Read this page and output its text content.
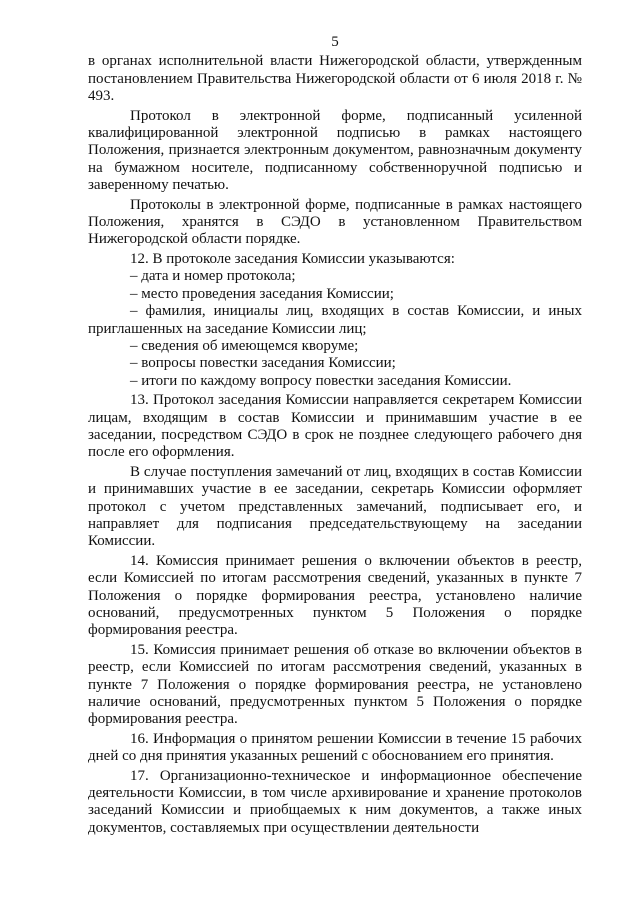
5

в органах исполнительной власти Нижегородской области, утвержденным постановлением Правительства Нижегородской области от 6 июля 2018 г. № 493.

Протокол в электронной форме, подписанный усиленной квалифицированной электронной подписью в рамках настоящего Положения, признается электронным документом, равнозначным документу на бумажном носителе, подписанному собственноручной подписью и заверенному печатью.

Протоколы в электронной форме, подписанные в рамках настоящего Положения, хранятся в СЭДО в установленном Правительством Нижегородской области порядке.

12. В протоколе заседания Комиссии указываются:

– дата и номер протокола;

– место проведения заседания Комиссии;

– фамилия, инициалы лиц, входящих в состав Комиссии, и иных приглашенных на заседание Комиссии лиц;

– сведения об имеющемся кворуме;

– вопросы повестки заседания Комиссии;

– итоги по каждому вопросу повестки заседания Комиссии.

13. Протокол заседания Комиссии направляется секретарем Комиссии лицам, входящим в состав Комиссии и принимавшим участие в ее заседании, посредством СЭДО в срок не позднее следующего рабочего дня после его оформления.

В случае поступления замечаний от лиц, входящих в состав Комиссии и принимавших участие в ее заседании, секретарь Комиссии оформляет протокол с учетом представленных замечаний, подписывает его, и направляет для подписания председательствующему на заседании Комиссии.

14. Комиссия принимает решения о включении объектов в реестр, если Комиссией по итогам рассмотрения сведений, указанных в пункте 7 Положения о порядке формирования реестра, установлено наличие оснований, предусмотренных пунктом 5 Положения о порядке формирования реестра.

15. Комиссия принимает решения об отказе во включении объектов в реестр, если Комиссией по итогам рассмотрения сведений, указанных в пункте 7 Положения о порядке формирования реестра, не установлено наличие оснований, предусмотренных пунктом 5 Положения о порядке формирования реестра.

16. Информация о принятом решении Комиссии в течение 15 рабочих дней со дня принятия указанных решений с обоснованием его принятия.

17. Организационно-техническое и информационное обеспечение деятельности Комиссии, в том числе архивирование и хранение протоколов заседаний Комиссии и приобщаемых к ним документов, а также иных документов, составляемых при осуществлении деятельности
